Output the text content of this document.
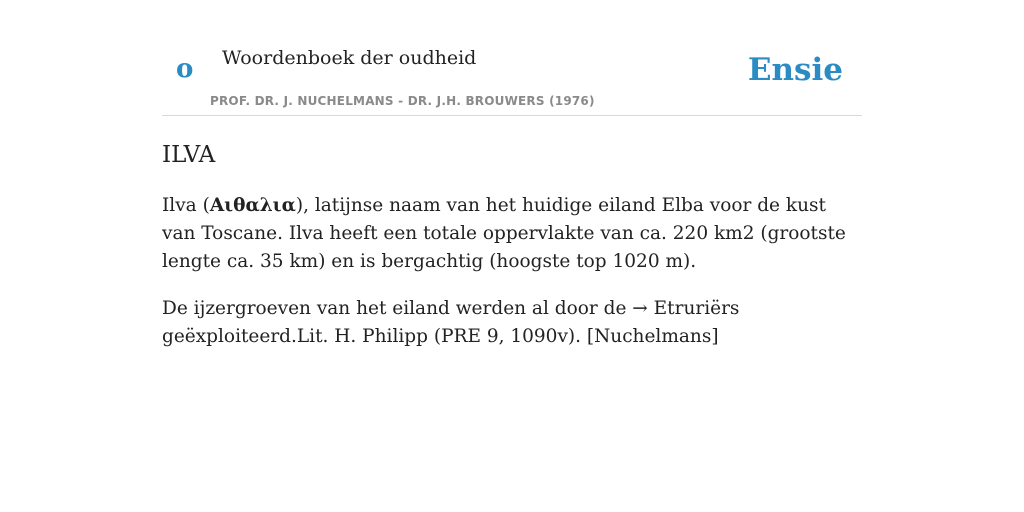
o Woordenboek der oudheid
PROF. DR. J. NUCHELMANS - DR. J.H. BROUWERS (1976)
Ensie
ILVA

Ilva (Αιθαλια), latijnse naam van het huidige eiland Elba voor de kust van Toscane. Ilva heeft een totale oppervlakte van ca. 220 km2 (grootste lengte ca. 35 km) en is bergachtig (hoogste top 1020 m).

De ijzergroeven van het eiland werden al door de → Etruriërs geëxploiteerd.Lit. H. Philipp (PRE 9, 1090v). [Nuchelmans]
